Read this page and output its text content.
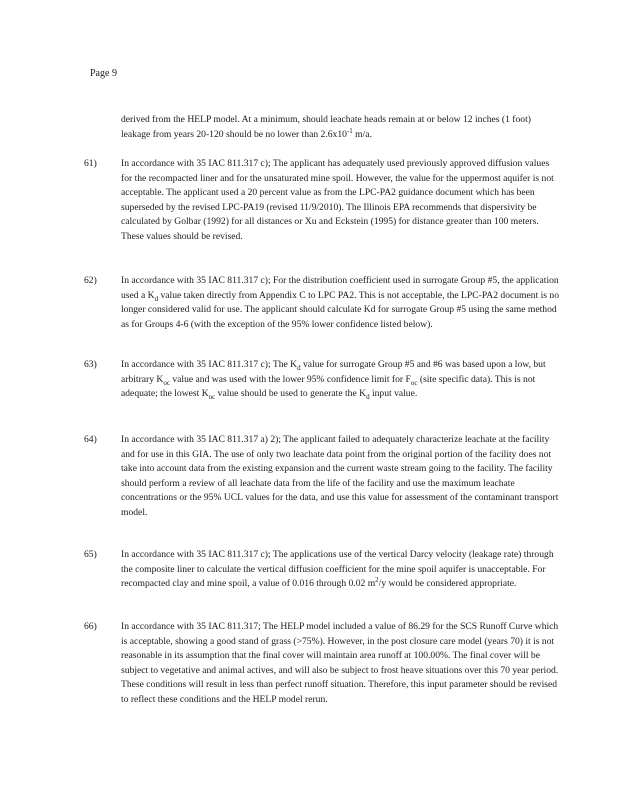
Page 9

derived from the HELP model. At a minimum, should leachate heads remain at or below 12 inches (1 foot) leakage from years 20-120 should be no lower than $2.6x10^{-1}$ m/a.

61)	In accordance with 35 IAC 811.317 c); The applicant has adequately used previously approved diffusion values for the recompacted liner and for the unsaturated mine spoil. However, the value for the uppermost aquifer is not acceptable. The applicant used a 20 percent value as from the LPC-PA2 guidance document which has been superseded by the revised LPC-PA19 (revised 11/9/2010). The Illinois EPA recommends that dispersivity be calculated by Golbar (1992) for all distances or Xu and Eckstein (1995) for distance greater than 100 meters. These values should be revised.

62)	In accordance with 35 IAC 811.317 c); For the distribution coefficient used in surrogate Group #5, the application used a $K_d$ value taken directly from Appendix C to LPC PA2. This is not acceptable, the LPC-PA2 document is no longer considered valid for use. The applicant should calculate Kd for surrogate Group #5 using the same method as for Groups 4-6 (with the exception of the 95% lower confidence listed below).

63)	In accordance with 35 IAC 811.317 c); The $K_d$ value for surrogate Group #5 and #6 was based upon a low, but arbitrary $K_{oc}$ value and was used with the lower 95% confidence limit for $F_{oc}$ (site specific data). This is not adequate; the lowest $K_{oc}$ value should be used to generate the $K_d$ input value.

64)	In accordance with 35 IAC 811.317 a) 2); The applicant failed to adequately characterize leachate at the facility and for use in this GIA. The use of only two leachate data point from the original portion of the facility does not take into account data from the existing expansion and the current waste stream going to the facility. The facility should perform a review of all leachate data from the life of the facility and use the maximum leachate concentrations or the 95% UCL values for the data, and use this value for assessment of the contaminant transport model.

65)	In accordance with 35 IAC 811.317 c); The applications use of the vertical Darcy velocity (leakage rate) through the composite liner to calculate the vertical diffusion coefficient for the mine spoil aquifer is unacceptable. For recompacted clay and mine spoil, a value of 0.016 through 0.02 $m^2/y$ would be considered appropriate.

66)	In accordance with 35 IAC 811.317; The HELP model included a value of 86.29 for the SCS Runoff Curve which is acceptable, showing a good stand of grass (>75%). However, in the post closure care model (years 70) it is not reasonable in its assumption that the final cover will maintain area runoff at 100.00%. The final cover will be subject to vegetative and animal actives, and will also be subject to frost heave situations over this 70 year period. These conditions will result in less than perfect runoff situation. Therefore, this input parameter should be revised to reflect these conditions and the HELP model rerun.
